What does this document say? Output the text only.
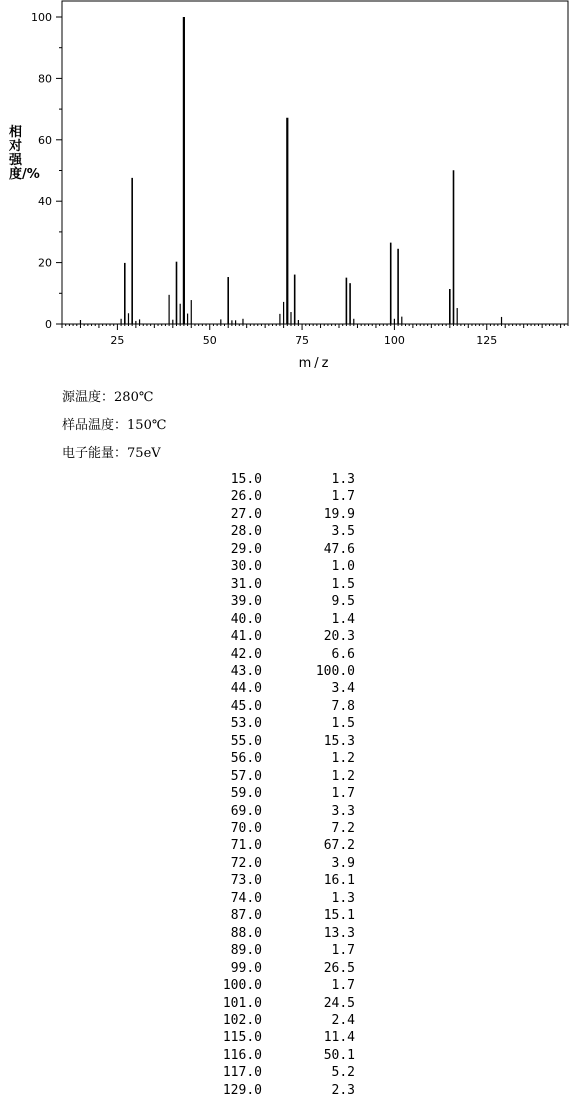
25	50	75	100	125
0
20
40
60
80
100
m/z
相对强度/%
源温度：280℃
样品温度：150℃
电子能量：75eV
15.0	1.3
26.0	1.7
27.0	19.9
28.0	3.5
29.0	47.6
30.0	1.0
31.0	1.5
39.0	9.5
40.0	1.4
41.0	20.3
42.0	6.6
43.0	100.0
44.0	3.4
45.0	7.8
53.0	1.5
55.0	15.3
56.0	1.2
57.0	1.2
59.0	1.7
69.0	3.3
70.0	7.2
71.0	67.2
72.0	3.9
73.0	16.1
74.0	1.3
87.0	15.1
88.0	13.3
89.0	1.7
99.0	26.5
100.0	1.7
101.0	24.5
102.0	2.4
115.0	11.4
116.0	50.1
117.0	5.2
129.0	2.3
